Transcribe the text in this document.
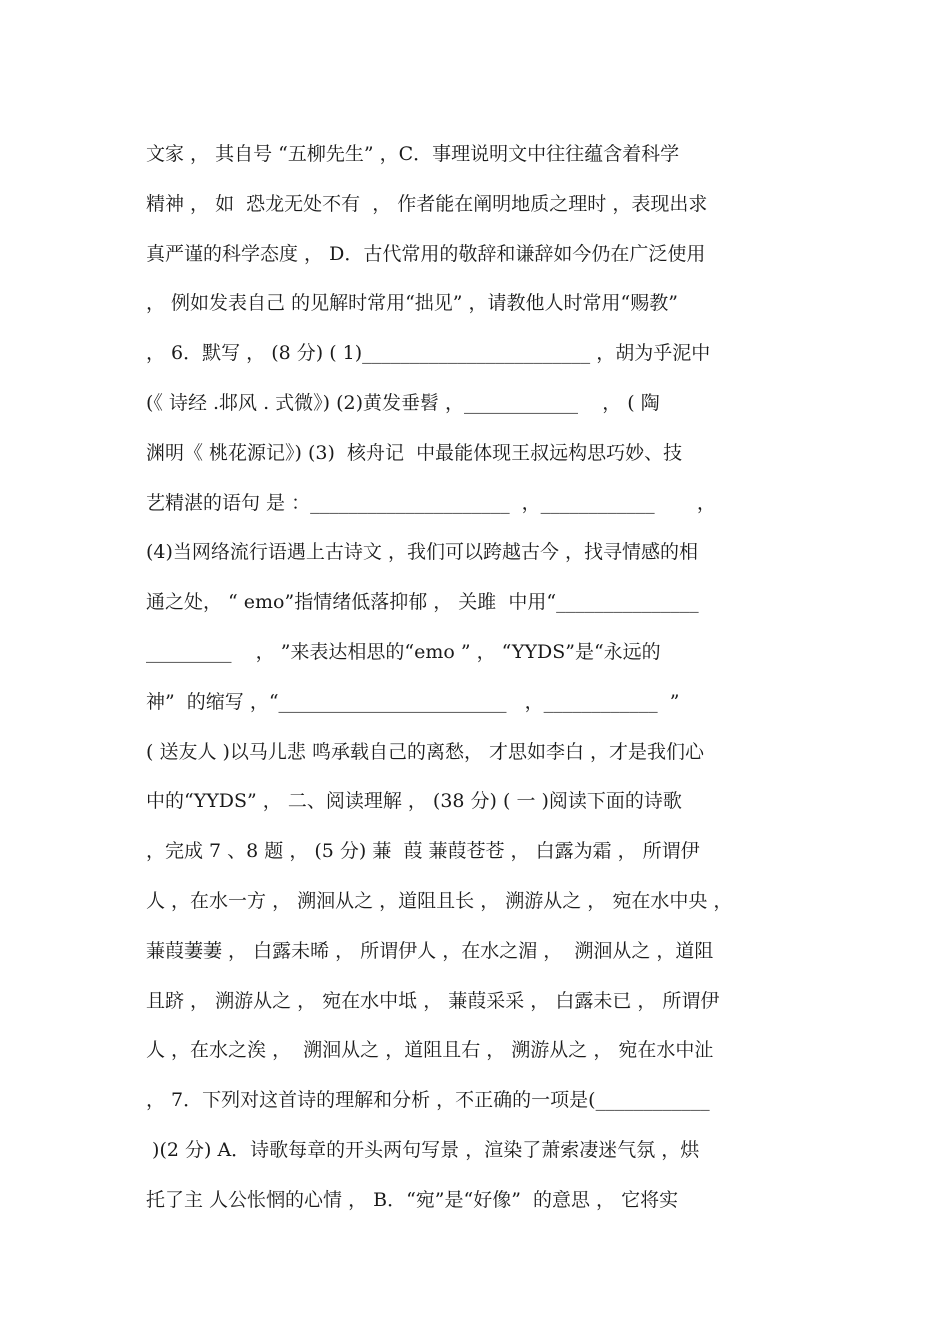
文家 ， 其自号 “五柳先生” ，C．事理说明文中往往蕴含着科学
精神 ， 如  恐龙无处不有  ， 作者能在阐明地质之理时 ，表现出求
真严谨的科学态度 ， D．古代常用的敬辞和谦辞如今仍在广泛使用
， 例如发表自己 的见解时常用“拙见” ，请教他人时常用“赐教”
， 6．默写 ， (8 分) ( 1)________________________ ，胡为乎泥中
(《 诗经 .邶风 . 式微》) (2)黄发垂髫 ，____________    ， ( 陶
渊明《 桃花源记》) (3)  核舟记  中最能体现王叔远构思巧妙、技
艺精湛的语句 是 ：_____________________  ，____________       ，
(4)当网络流行语遇上古诗文 ，我们可以跨越古今 ，找寻情感的相
通之处， “ emo”指情绪低落抑郁 ， 关雎  中用“_______________
_________    ， ”来表达相思的“emo ” ， “YYDS”是“永远的
神”  的缩写 ，“________________________   ，____________  ”
( 送友人 )以马儿悲 鸣承载自己的离愁， 才思如李白 ，才是我们心
中的“YYDS” ， 二、阅读理解 ， (38 分) ( 一 )阅读下面的诗歌
，完成 7 、8 题 ， (5 分) 蒹  葭 蒹葭苍苍 ， 白露为霜 ， 所谓伊
人 ，在水一方 ， 溯洄从之 ，道阻且长 ， 溯游从之 ， 宛在水中央 ，
蒹葭萋萋 ， 白露未晞 ， 所谓伊人 ，在水之湄 ，  溯洄从之 ，道阻
且跻 ， 溯游从之 ， 宛在水中坻 ， 蒹葭采采 ， 白露未已 ， 所谓伊
人 ，在水之涘 ，  溯洄从之 ，道阻且右 ， 溯游从之 ， 宛在水中沚
， 7．下列对这首诗的理解和分析 ，不正确的一项是(____________
)(2 分) A．诗歌每章的开头两句写景 ，渲染了萧索凄迷气氛 ，烘
托了主 人公怅惘的心情 ， B．“宛”是“好像”  的意思 ， 它将实
